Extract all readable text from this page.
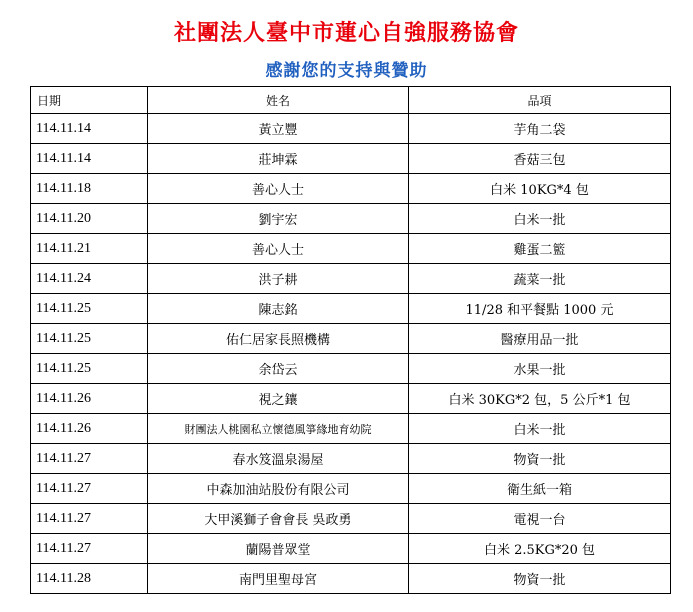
社團法人臺中市蓮心自強服務協會
感謝您的支持與贊助
日期	姓名	品項
114.11.14	黃立豐	芋角二袋
114.11.14	莊坤霖	香菇三包
114.11.18	善心人士	白米 10KG*4 包
114.11.20	劉宇宏	白米一批
114.11.21	善心人士	雞蛋二籃
114.11.24	洪子耕	蔬菜一批
114.11.25	陳志銘	11/28 和平餐點 1000 元
114.11.25	佑仁居家長照機構	醫療用品一批
114.11.25	余岱云	水果一批
114.11.26	視之鑲	白米 30KG*2 包，5 公斤*1 包
114.11.26	財團法人桃園私立懷德風箏緣地育幼院	白米一批
114.11.27	春水笈溫泉湯屋	物資一批
114.11.27	中森加油站股份有限公司	衛生紙一箱
114.11.27	大甲溪獅子會會長 吳政勇	電視一台
114.11.27	蘭陽普眾堂	白米 2.5KG*20 包
114.11.28	南門里聖母宮	物資一批
